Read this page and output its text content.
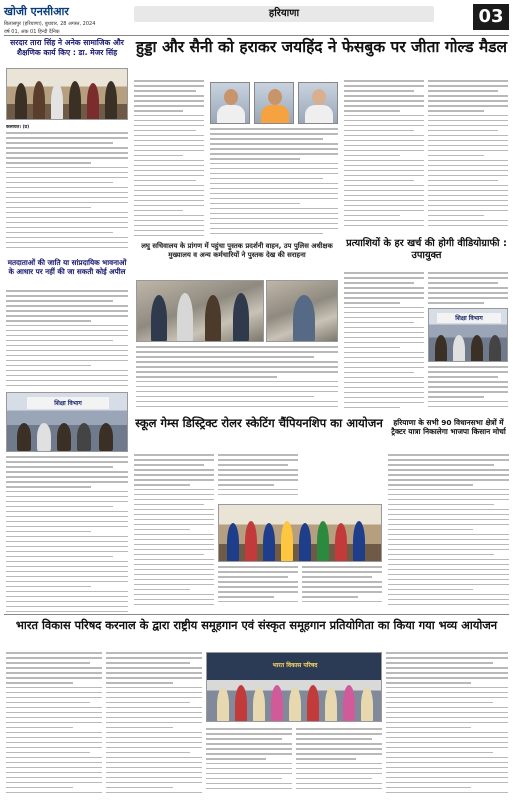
खोजी एनसीआर
बिलासपुर (हरियाणा), बुधवार, 28 अगस्त, 2024
वर्ष 01, अंक 01 हिन्दी दैनिक
हरियाणा	03
सरदार तारा सिंह ने अनेक सामाजिक और शैक्षणिक कार्य किए : डा. मेजर सिंह
कलायत। (प्र)
मतदाताओं की जाति या सांप्रदायिक भावनाओं के आधार पर नहीं की जा सकती कोई अपील
शिक्षा विभाग
हुड्डा और सैनी को हराकर जयहिंद ने फेसबुक पर जीता गोल्ड मैडल
लघु सचिवालय के प्रांगण में पहुंचा पुस्तक प्रदर्शनी वाहन, उप पुलिस अधीक्षक मुख्यालय व अन्य कर्मचारियों ने पुस्तक देख की सराहना
प्रत्याशियों के हर खर्च की होगी वीडियोग्राफी : उपायुक्त
शिक्षा विभाग
स्कूल गेम्स डिस्ट्रिक्ट रोलर स्केटिंग चैंपियनशिप का आयोजन	हरियाणा के सभी 90 विधानसभा क्षेत्रों में ट्रैक्टर यात्रा निकालेगा भाजपा किसान मोर्चा
भारत विकास परिषद करनाल के द्वारा राष्ट्रीय समूहगान एवं संस्कृत समूहगान प्रतियोगिता का किया गया भव्य आयोजन
भारत विकास परिषद
